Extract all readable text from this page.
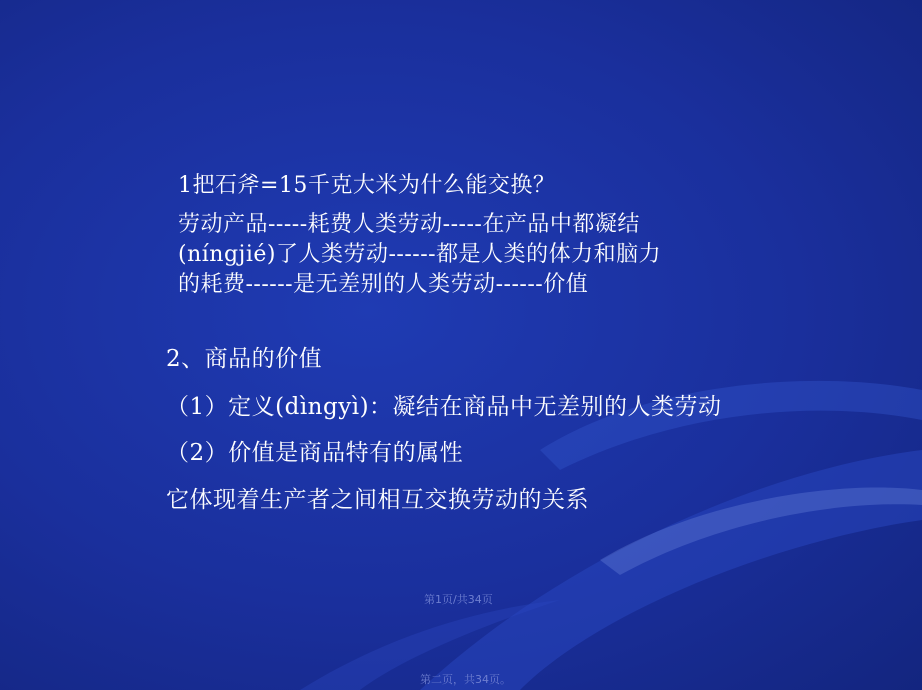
1把石斧=15千克大米为什么能交换？
劳动产品-----耗费人类劳动-----在产品中都凝结
(níngjié)了人类劳动------都是人类的体力和脑力
的耗费------是无差别的人类劳动------价值
2、商品的价值
（1）定义(dìngyì)：凝结在商品中无差别的人类劳动
（2）价值是商品特有的属性
它体现着生产者之间相互交换劳动的关系
第1页/共34页
第二页，共34页。
